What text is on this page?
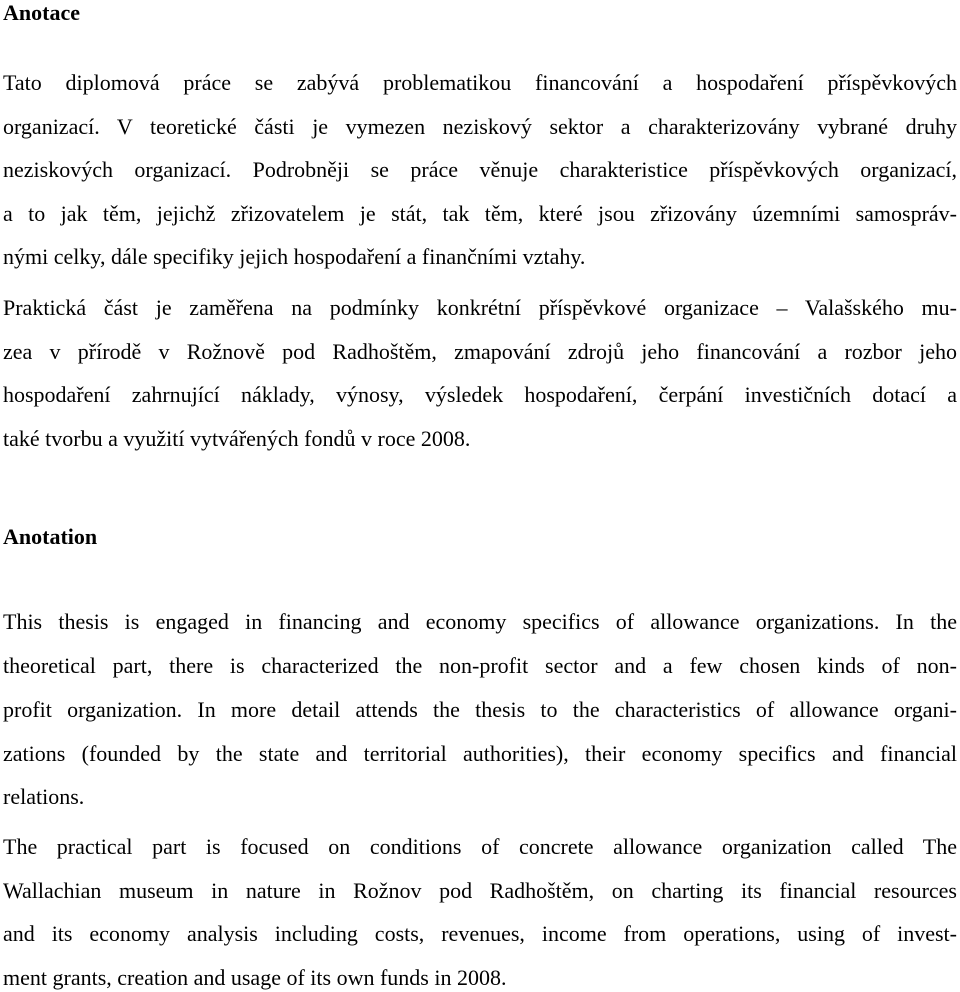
Anotace
Tato diplomová práce se zabývá problematikou financování a hospodaření příspěvkových
organizací. V teoretické části je vymezen neziskový sektor a charakterizovány vybrané druhy
neziskových organizací. Podrobněji se práce věnuje charakteristice příspěvkových organizací,
a to jak těm, jejichž zřizovatelem je stát, tak těm, které jsou zřizovány územními samospráv-
nými celky, dále specifiky jejich hospodaření a finančními vztahy.
Praktická část je zaměřena na podmínky konkrétní příspěvkové organizace – Valašského mu-
zea v přírodě v Rožnově pod Radhoštěm, zmapování zdrojů jeho financování a rozbor jeho
hospodaření zahrnující náklady, výnosy, výsledek hospodaření, čerpání investičních dotací a
také tvorbu a využití vytvářených fondů v roce 2008.
Anotation
This thesis is engaged in financing and economy specifics of allowance organizations. In the
theoretical part, there is characterized the non-profit sector and a few chosen kinds of non-
profit organization. In more detail attends the thesis to the characteristics of allowance organi-
zations (founded by the state and territorial authorities), their economy specifics and financial
relations.
The practical part is focused on conditions of concrete allowance organization called The
Wallachian museum in nature in Rožnov pod Radhoštěm, on charting its financial resources
and its economy analysis including costs, revenues, income from operations, using of invest-
ment grants, creation and usage of its own funds in 2008.
